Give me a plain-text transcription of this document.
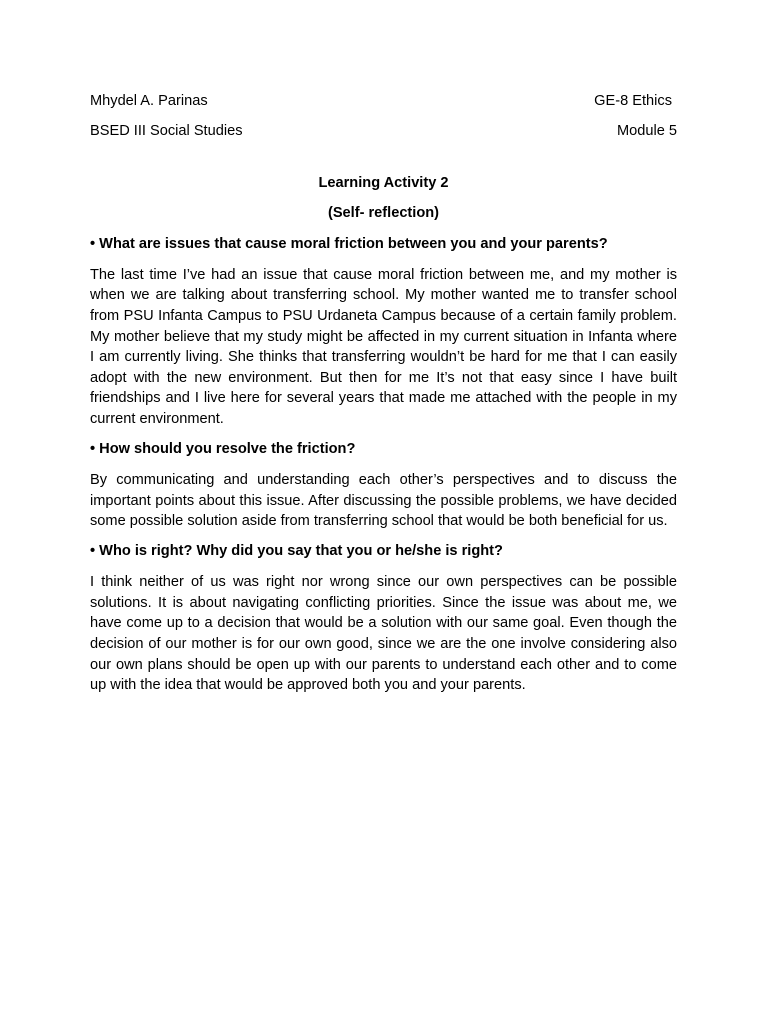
Mhydel A. Parinas	GE-8 Ethics
BSED III Social Studies	Module 5
Learning Activity 2
(Self- reflection)
• What are issues that cause moral friction between you and your parents?

The last time I’ve had an issue that cause moral friction between me, and my mother is when we are talking about transferring school. My mother wanted me to transfer school from PSU Infanta Campus to PSU Urdaneta Campus because of a certain family problem. My mother believe that my study might be affected in my current situation in Infanta where I am currently living. She thinks that transferring wouldn’t be hard for me that I can easily adopt with the new environment. But then for me It’s not that easy since I have built friendships and I live here for several years that made me attached with the people in my current environment.

• How should you resolve the friction?

By communicating and understanding each other’s perspectives and to discuss the important points about this issue. After discussing the possible problems, we have decided some possible solution aside from transferring school that would be both beneficial for us.

• Who is right? Why did you say that you or he/she is right?

I think neither of us was right nor wrong since our own perspectives can be possible solutions. It is about navigating conflicting priorities. Since the issue was about me, we have come up to a decision that would be a solution with our same goal. Even though the decision of our mother is for our own good, since we are the one involve considering also our own plans should be open up with our parents to understand each other and to come up with the idea that would be approved both you and your parents.
